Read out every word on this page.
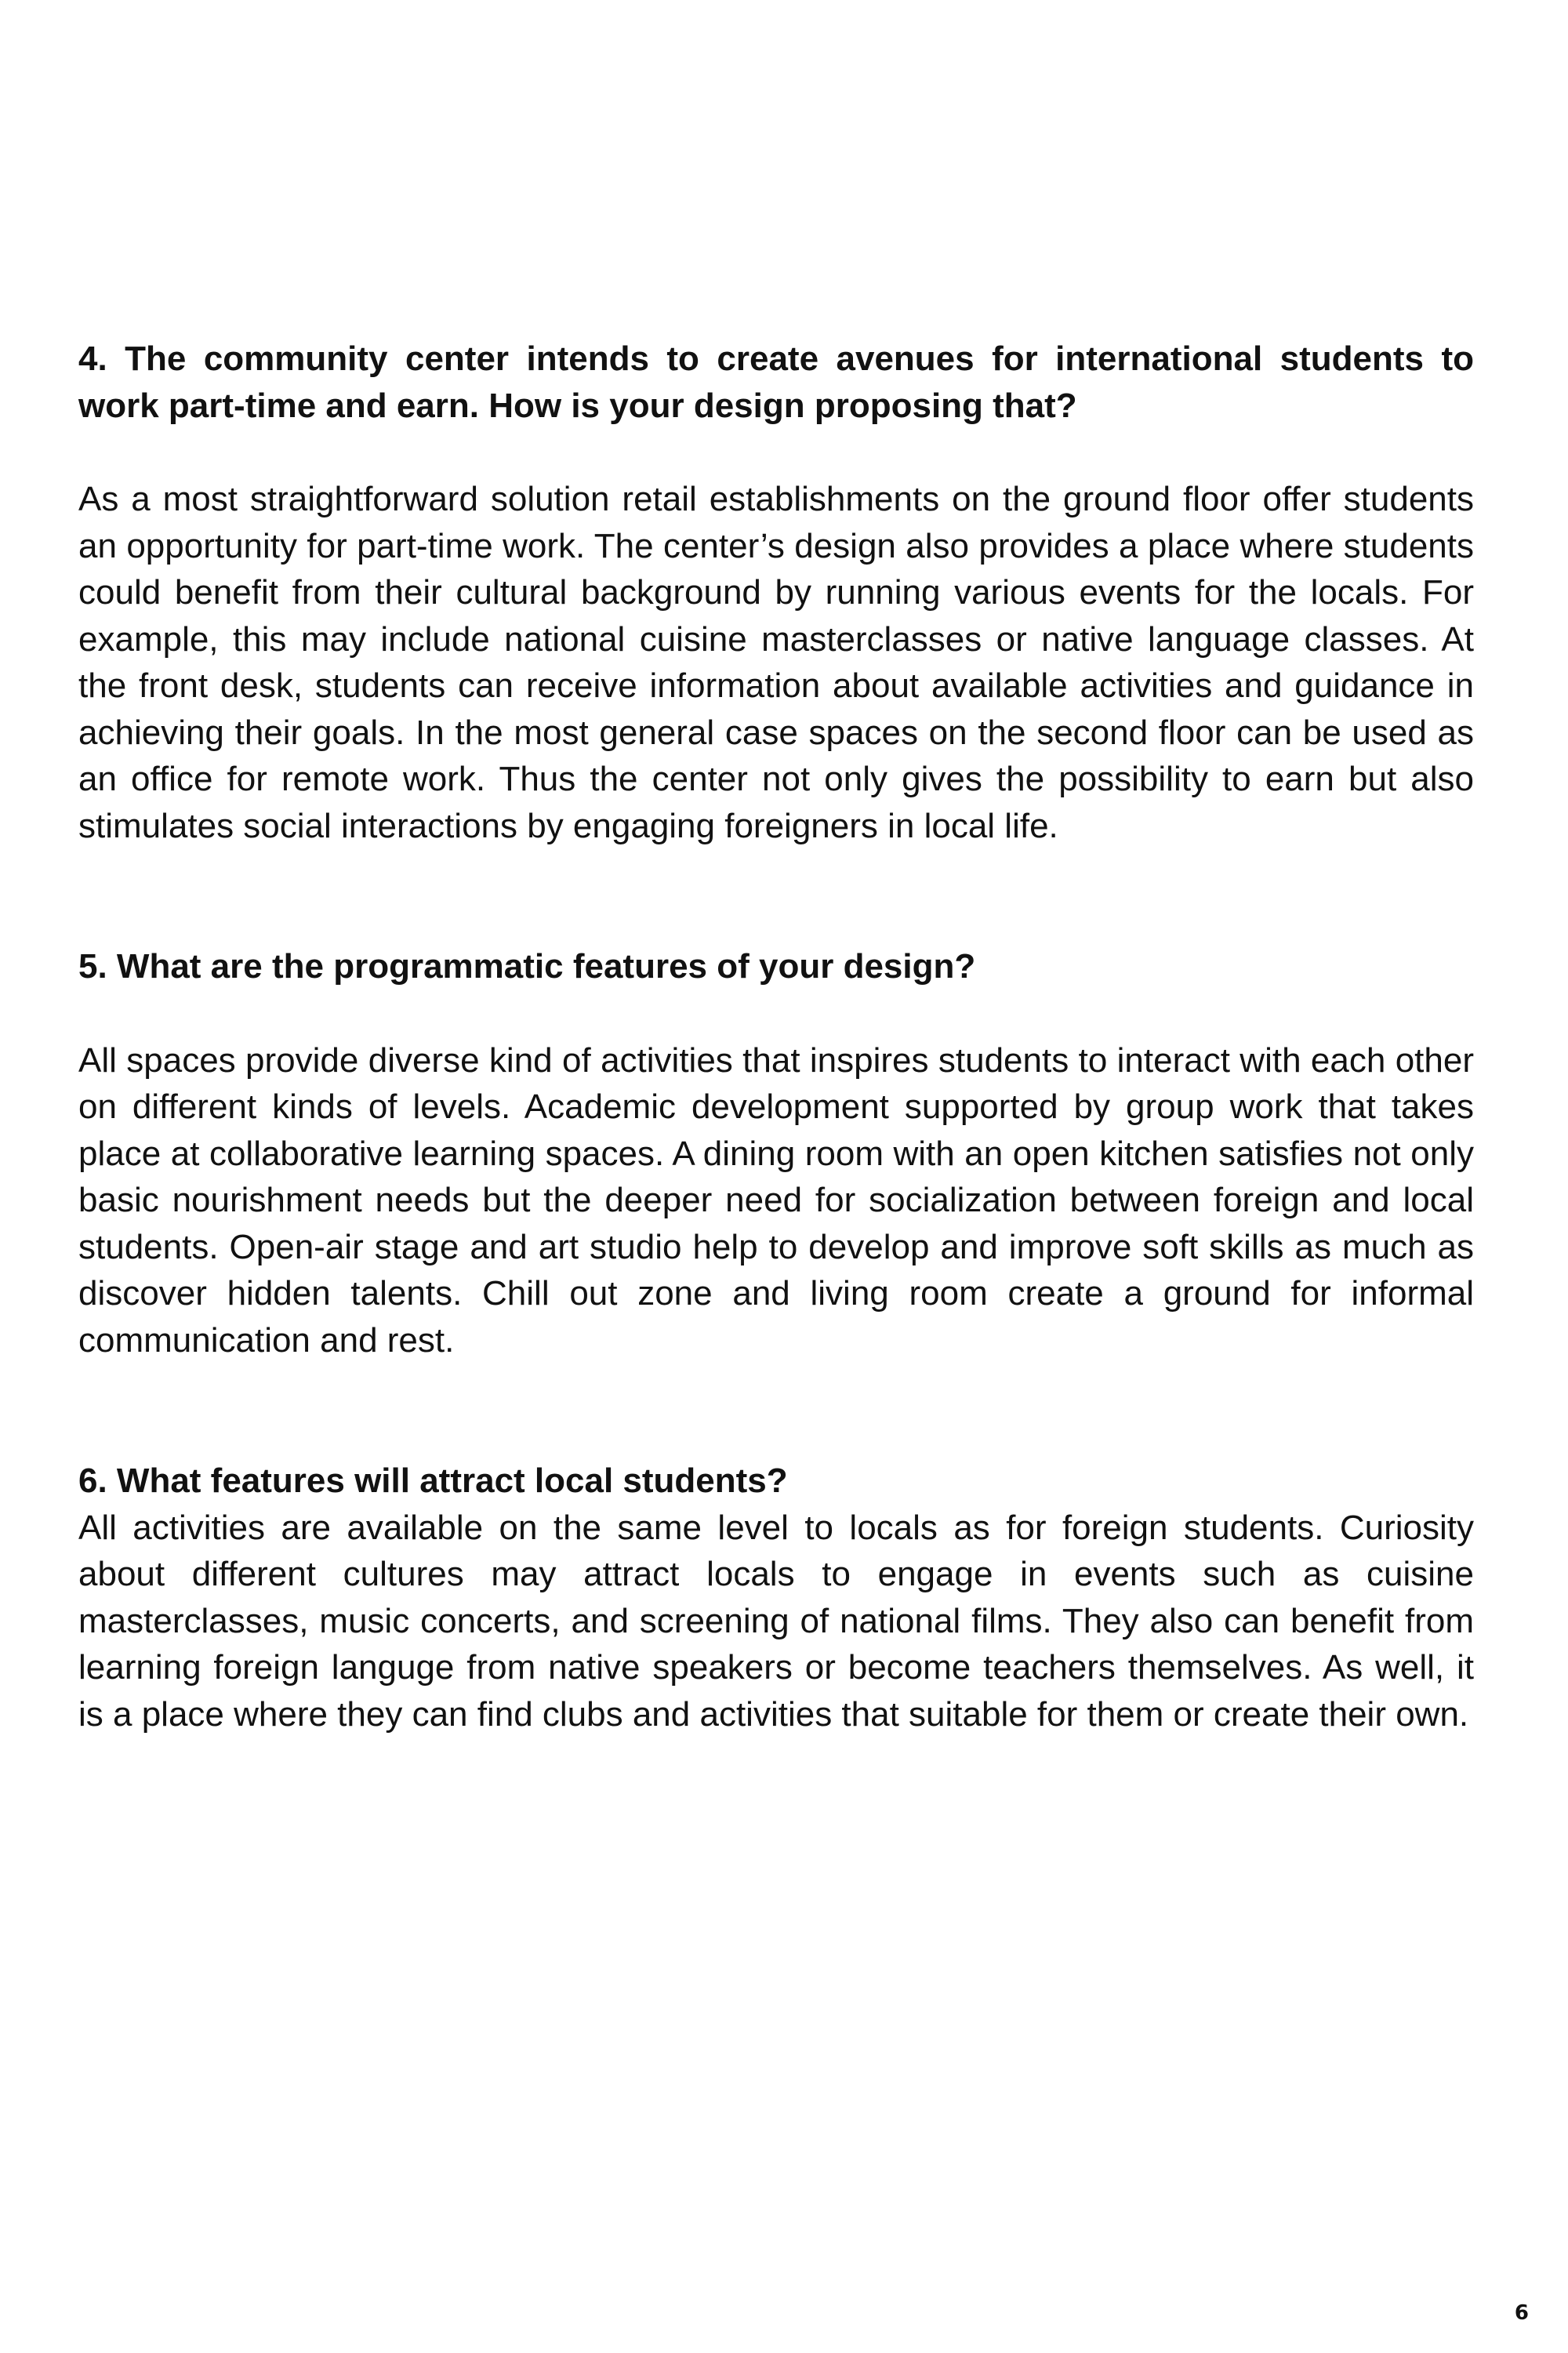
4. The community center intends to create avenues for international students to work part-time and earn. How is your design proposing that?

As a most straightforward solution retail establishments on the ground floor offer students an opportunity for part-time work. The center’s design also provides a place where students could benefit from their cultural background by running various events for the locals. For example, this may include national cuisine masterclasses or native language classes. At the front desk, students can receive information about available activities and guidance in achieving their goals. In the most general case spaces on the second floor can be used as an office for remote work. Thus the center not only gives the possibility to earn but also stimulates social interactions by engaging foreigners in local life.

5. What are the programmatic features of your design?

All spaces provide diverse kind of activities that inspires students to interact with each other on different kinds of levels. Academic development supported by group work that takes place at collaborative learning spaces. A dining room with an open kitchen satisfies not only basic nourishment needs but the deeper need for socialization between foreign and local students. Open-air stage and art studio help to develop and improve soft skills as much as discover hidden talents. Chill out zone and living room create a ground for informal communication and rest.

6. What features will attract local students?

All activities are available on the same level to locals as for foreign students. Curiosity about different cultures may attract locals to engage in events such as cuisine masterclasses, music concerts, and screening of national films. They also can benefit from learning foreign languge from native speakers or become teachers themselves. As well, it is a place where they can find clubs and activities that suitable for them or create their own.

6
